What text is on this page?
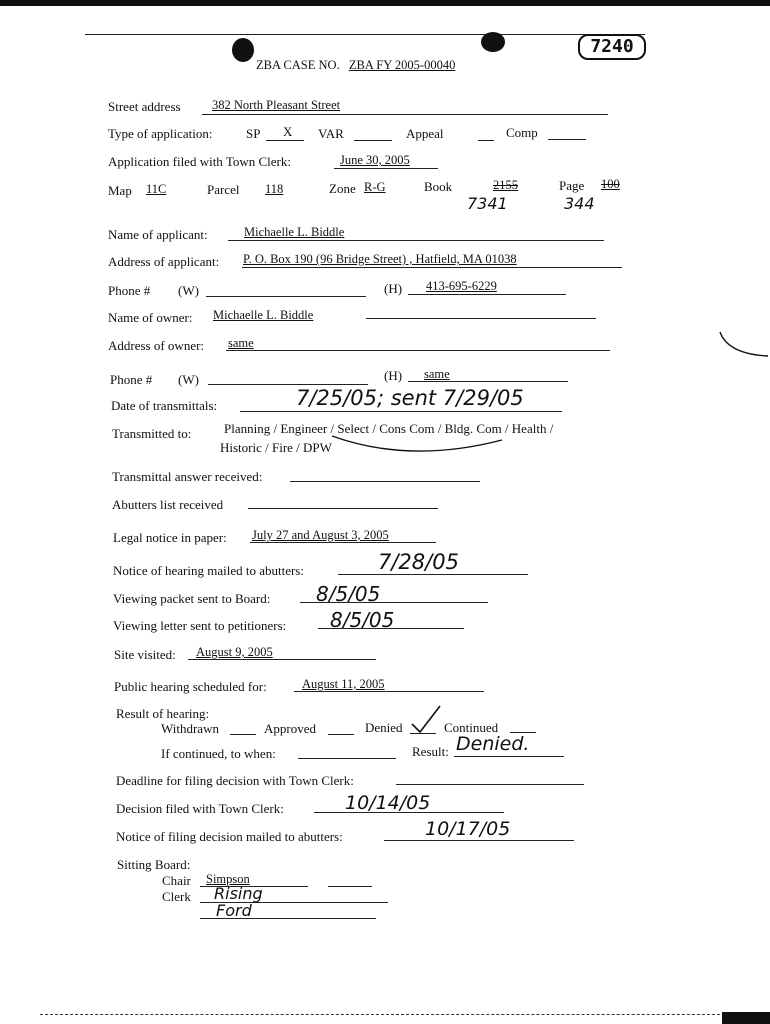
7240
ZBA CASE NO. ZBA FY 2005-00040
Street address	382 North Pleasant Street
Type of application:	SP X VAR	Appeal	Comp
Application filed with Town Clerk:	June 30, 2005
Map 11C	Parcel 118	Zone R-G	Book	2155	Page 100
7341	344
Name of applicant:	Michaelle L. Biddle
Address of applicant: P. O. Box 190 (96 Bridge Street) , Hatfield, MA 01038
Phone # (W)	(H) 413-695-6229
Name of owner: Michaelle L. Biddle
Address of owner: same
Phone # (W)	(H) same
Date of transmittals:	7/25/05; sent 7/29/05
Transmitted to:	Planning / Engineer / Select / Cons Com / Bldg. Com / Health /
Historic / Fire / DPW
Transmittal answer received:
Abutters list received
Legal notice in paper: July 27 and August 3, 2005
Notice of hearing mailed to abutters:	7/28/05
Viewing packet sent to Board: 8/5/05
Viewing letter sent to petitioners: 8/5/05
Site visited: August 9, 2005
Public hearing scheduled for:	August 11, 2005
Result of hearing:
Withdrawn	Approved	Denied	Continued
If continued, to when:	Result: Denied.
Deadline for filing decision with Town Clerk:
Decision filed with Town Clerk:	10/14/05
Notice of filing decision mailed to abutters:	10/17/05
Sitting Board:
Chair Simpson
Clerk Rising
Ford
